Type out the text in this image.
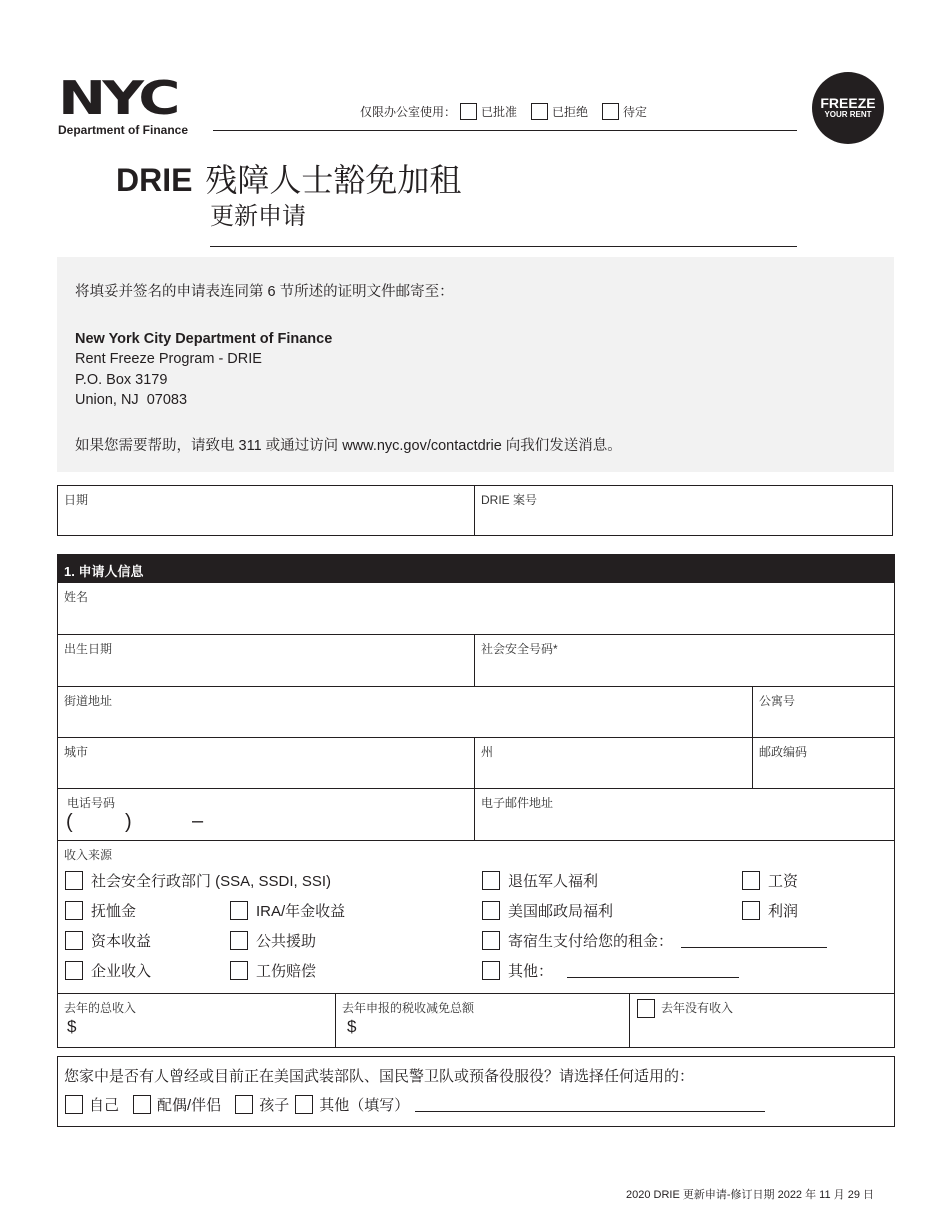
NYC
Department of Finance
仅限办公室使用： 已批准	已拒绝	待定
FREEZE
YOUR RENT
DRIE 残障人士豁免加租
更新申请
将填妥并签名的申请表连同第 6 节所述的证明文件邮寄至：
New York City Department of Finance
Rent Freeze Program - DRIE
P.O. Box 3179
Union, NJ  07083
如果您需要帮助，请致电 311 或通过访问 www.nyc.gov/contactdrie 向我们发送消息。
日期	DRIE 案号
1. 申请人信息
姓名
出生日期	社会安全号码*
街道地址	公寓号
城市	州	邮政编码
电话号码
(	)	–
电子邮件地址
收入来源
社会安全行政部门 (SSA, SSDI, SSI)	退伍军人福利	工资
抚恤金	IRA/年金收益	美国邮政局福利	利润
资本收益	公共援助	寄宿生支付给您的租金：
企业收入	工伤赔偿	其他：
去年的总收入
$
去年申报的税收减免总额
$
去年没有收入
您家中是否有人曾经或目前正在美国武装部队、国民警卫队或预备役服役？请选择任何适用的：
自己	配偶/伴侣	孩子 其他（填写）
2020 DRIE 更新申请-修订日期 2022 年 11 月 29 日
